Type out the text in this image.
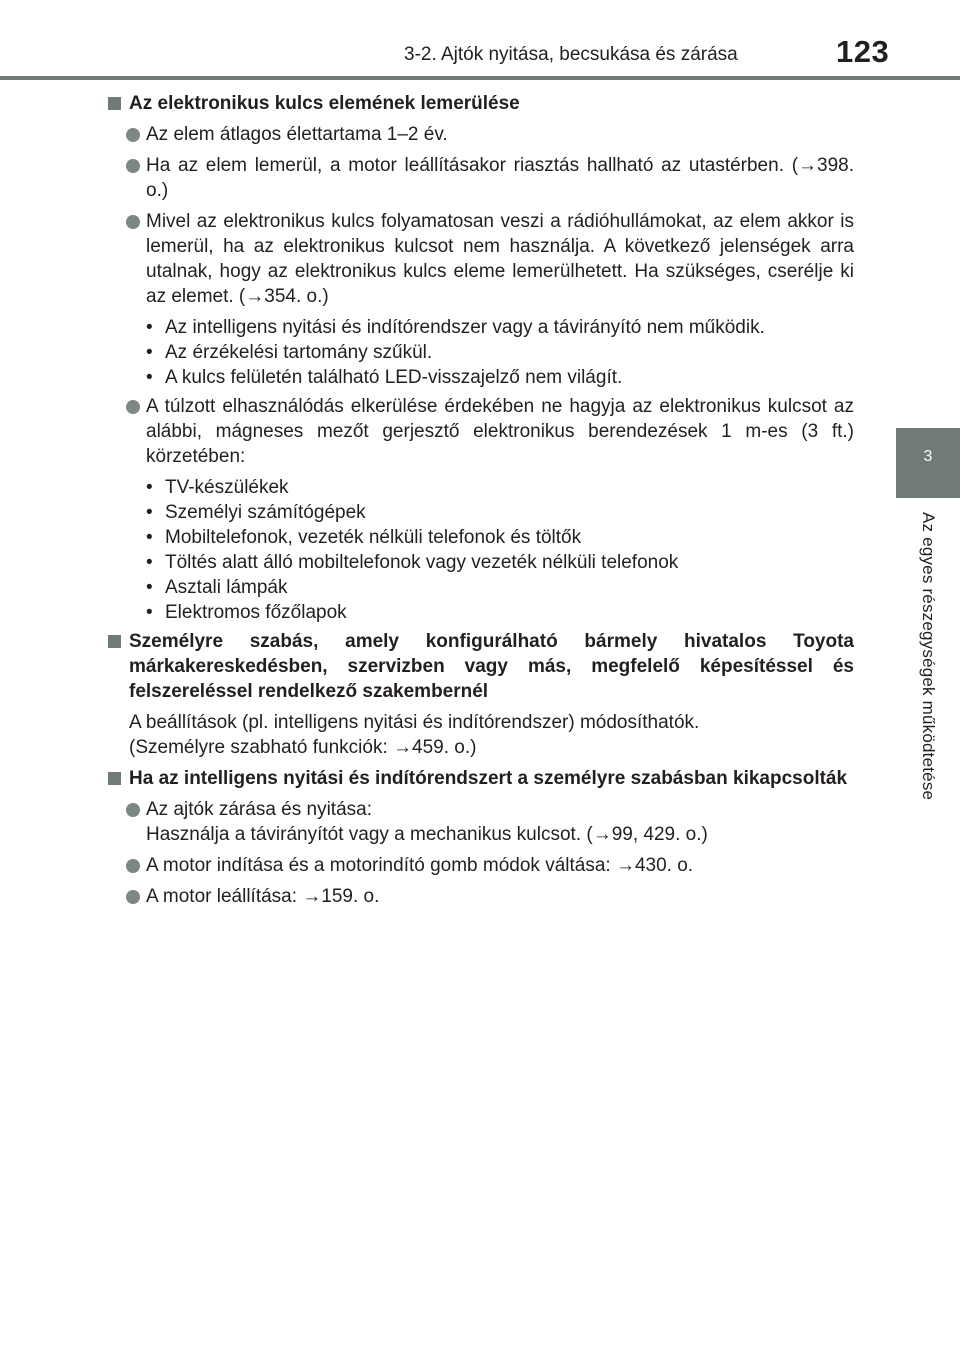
3-2. Ajtók nyitása, becsukása és zárása	123
3
Az egyes részegységek működtetése
Az elektronikus kulcs elemének lemerülése
Az elem átlagos élettartama 1–2 év.
Ha az elem lemerül, a motor leállításakor riasztás hallható az utastérben. (→398. o.)
Mivel az elektronikus kulcs folyamatosan veszi a rádióhullámokat, az elem akkor is lemerül, ha az elektronikus kulcsot nem használja. A következő jelenségek arra utalnak, hogy az elektronikus kulcs eleme lemerülhetett. Ha szükséges, cserélje ki az elemet. (→354. o.)
• Az intelligens nyitási és indítórendszer vagy a távirányító nem működik.
• Az érzékelési tartomány szűkül.
• A kulcs felületén található LED-visszajelző nem világít.
A túlzott elhasználódás elkerülése érdekében ne hagyja az elektronikus kulcsot az alábbi, mágneses mezőt gerjesztő elektronikus berendezések 1 m-es (3 ft.) körzetében:
• TV-készülékek
• Személyi számítógépek
• Mobiltelefonok, vezeték nélküli telefonok és töltők
• Töltés alatt álló mobiltelefonok vagy vezeték nélküli telefonok
• Asztali lámpák
• Elektromos főzőlapok
Személyre szabás, amely konfigurálható bármely hivatalos Toyota márkakereskedésben, szervizben vagy más, megfelelő képesítéssel és felszereléssel rendelkező szakembernél
A beállítások (pl. intelligens nyitási és indítórendszer) módosíthatók.
(Személyre szabható funkciók: →459. o.)
Ha az intelligens nyitási és indítórendszert a személyre szabásban kikapcsolták
Az ajtók zárása és nyitása:
Használja a távirányítót vagy a mechanikus kulcsot. (→99, 429. o.)
A motor indítása és a motorindító gomb módok váltása: →430. o.
A motor leállítása: →159. o.
